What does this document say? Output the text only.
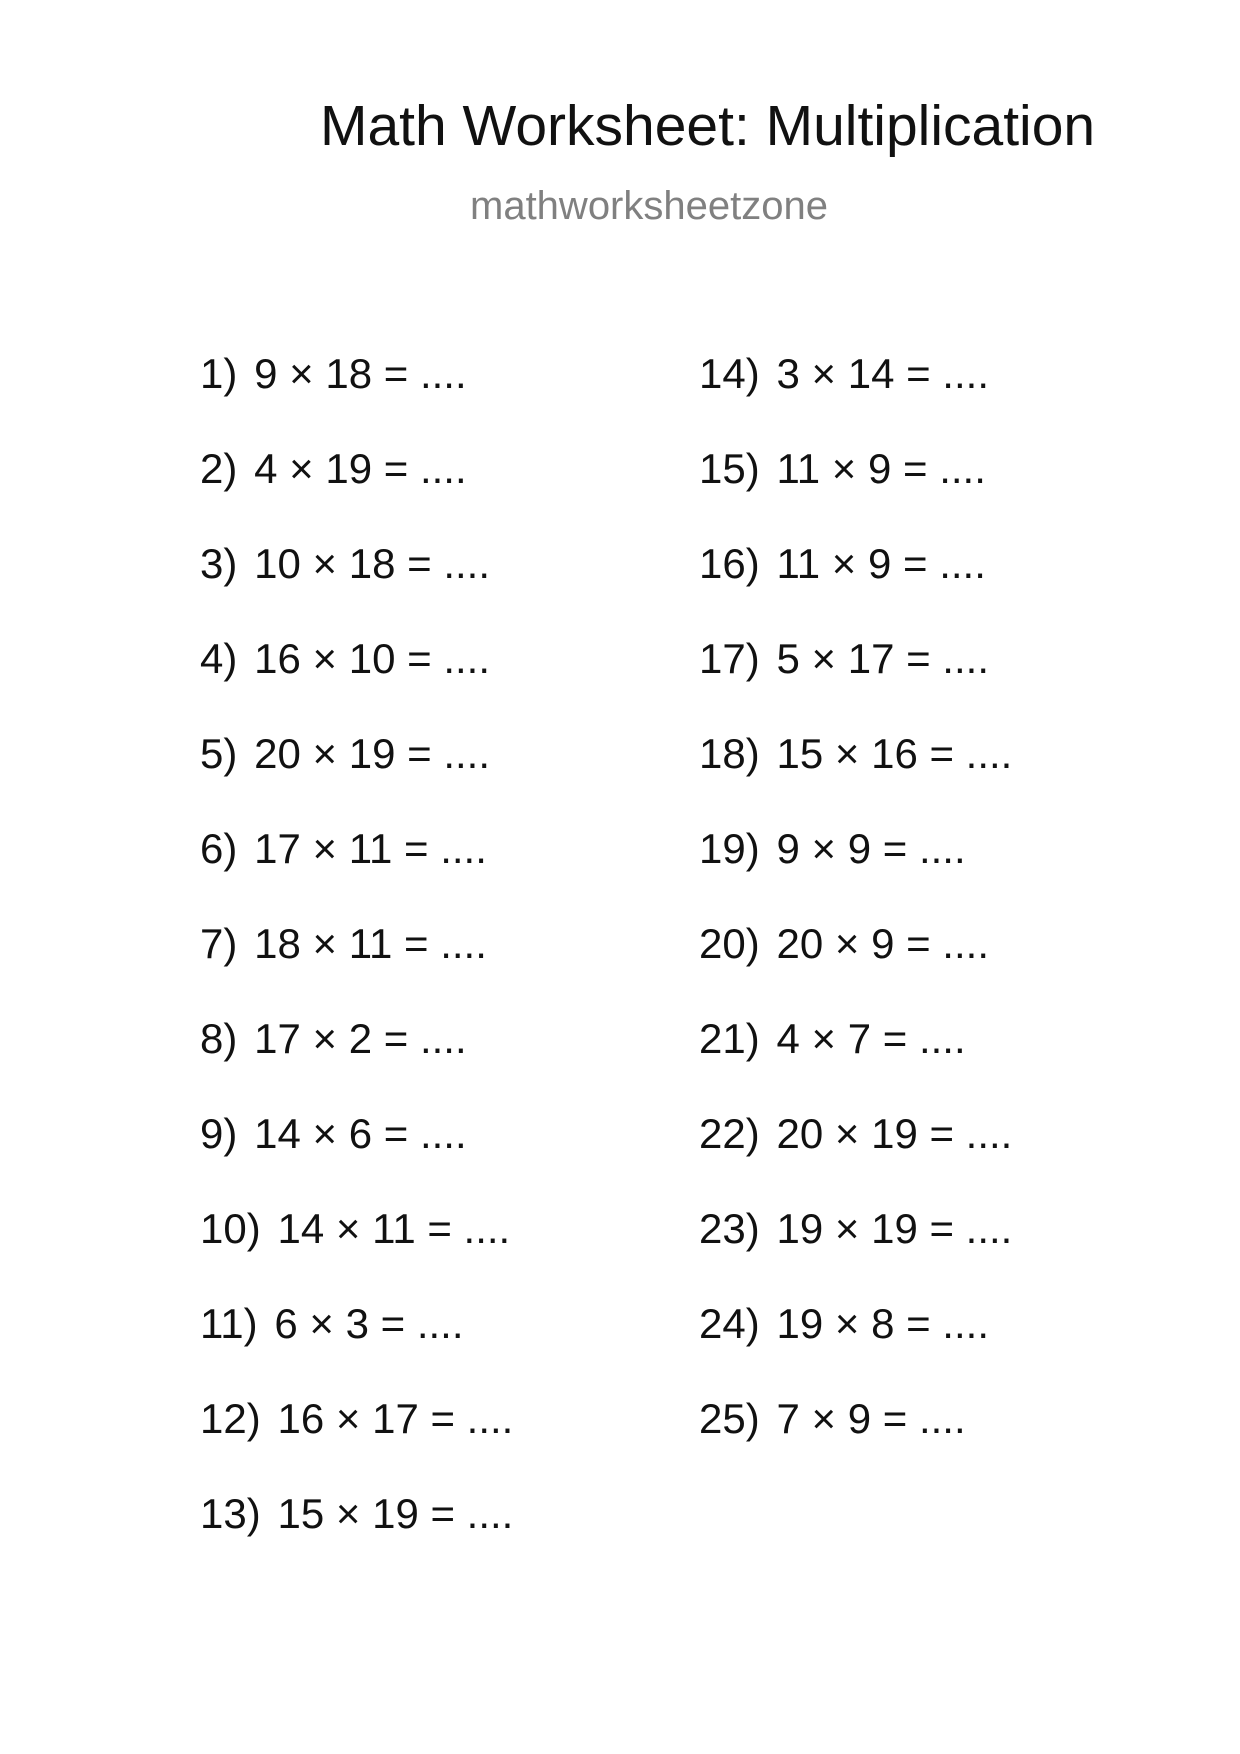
Math Worksheet: Multiplication
mathworksheetzone
1) 9 × 18 = ....
2) 4 × 19 = ....
3) 10 × 18 = ....
4) 16 × 10 = ....
5) 20 × 19 = ....
6) 17 × 11 = ....
7) 18 × 11 = ....
8) 17 × 2 = ....
9) 14 × 6 = ....
10) 14 × 11 = ....
11) 6 × 3 = ....
12) 16 × 17 = ....
13) 15 × 19 = ....
14) 3 × 14 = ....
15) 11 × 9 = ....
16) 11 × 9 = ....
17) 5 × 17 = ....
18) 15 × 16 = ....
19) 9 × 9 = ....
20) 20 × 9 = ....
21) 4 × 7 = ....
22) 20 × 19 = ....
23) 19 × 19 = ....
24) 19 × 8 = ....
25) 7 × 9 = ....
